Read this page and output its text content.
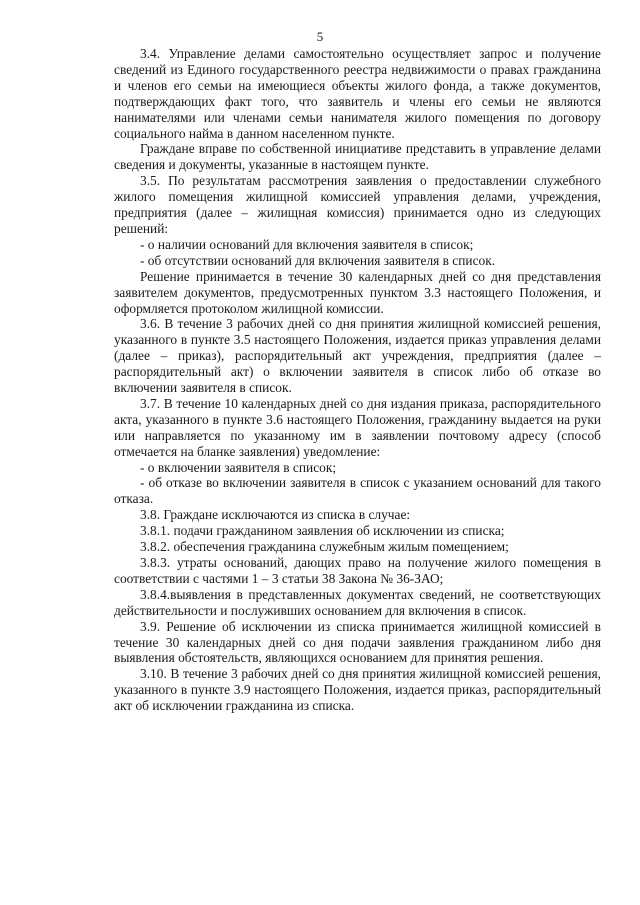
5

3.4. Управление делами самостоятельно осуществляет запрос и получение сведений из Единого государственного реестра недвижимости о правах гражданина и членов его семьи на имеющиеся объекты жилого фонда, а также документов, подтверждающих факт того, что заявитель и члены его семьи не являются нанимателями или членами семьи нанимателя жилого помещения по договору социального найма в данном населенном пункте.

Граждане вправе по собственной инициативе представить в управление делами сведения и документы, указанные в настоящем пункте.

3.5. По результатам рассмотрения заявления о предоставлении служебного жилого помещения жилищной комиссией управления делами, учреждения, предприятия (далее – жилищная комиссия) принимается одно из следующих решений:

- о наличии оснований для включения заявителя в список;

- об отсутствии оснований для включения заявителя в список.

Решение принимается в течение 30 календарных дней со дня представления заявителем документов, предусмотренных пунктом 3.3 настоящего Положения, и оформляется протоколом жилищной комиссии.

3.6. В течение 3 рабочих дней со дня принятия жилищной комиссией решения, указанного в пункте 3.5 настоящего Положения, издается приказ управления делами (далее – приказ), распорядительный акт учреждения, предприятия (далее – распорядительный акт) о включении заявителя в список либо об отказе во включении заявителя в список.

3.7. В течение 10 календарных дней со дня издания приказа, распорядительного акта, указанного в пункте 3.6 настоящего Положения, гражданину выдается на руки или направляется по указанному им в заявлении почтовому адресу (способ отмечается на бланке заявления) уведомление:

- о включении заявителя в список;

- об отказе во включении заявителя в список с указанием оснований для такого отказа.

3.8. Граждане исключаются из списка в случае:

3.8.1. подачи гражданином заявления об исключении из списка;

3.8.2. обеспечения гражданина служебным жилым помещением;

3.8.3. утраты оснований, дающих право на получение жилого помещения в соответствии с частями 1 – 3 статьи 38 Закона № 36-ЗАО;

3.8.4.выявления в представленных документах сведений, не соответствующих действительности и послуживших основанием для включения в список.

3.9. Решение об исключении из списка принимается жилищной комиссией в течение 30 календарных дней со дня подачи заявления гражданином либо дня выявления обстоятельств, являющихся основанием для принятия решения.

3.10. В течение 3 рабочих дней со дня принятия жилищной комиссией решения, указанного в пункте 3.9 настоящего Положения, издается приказ, распорядительный акт об исключении гражданина из списка.
